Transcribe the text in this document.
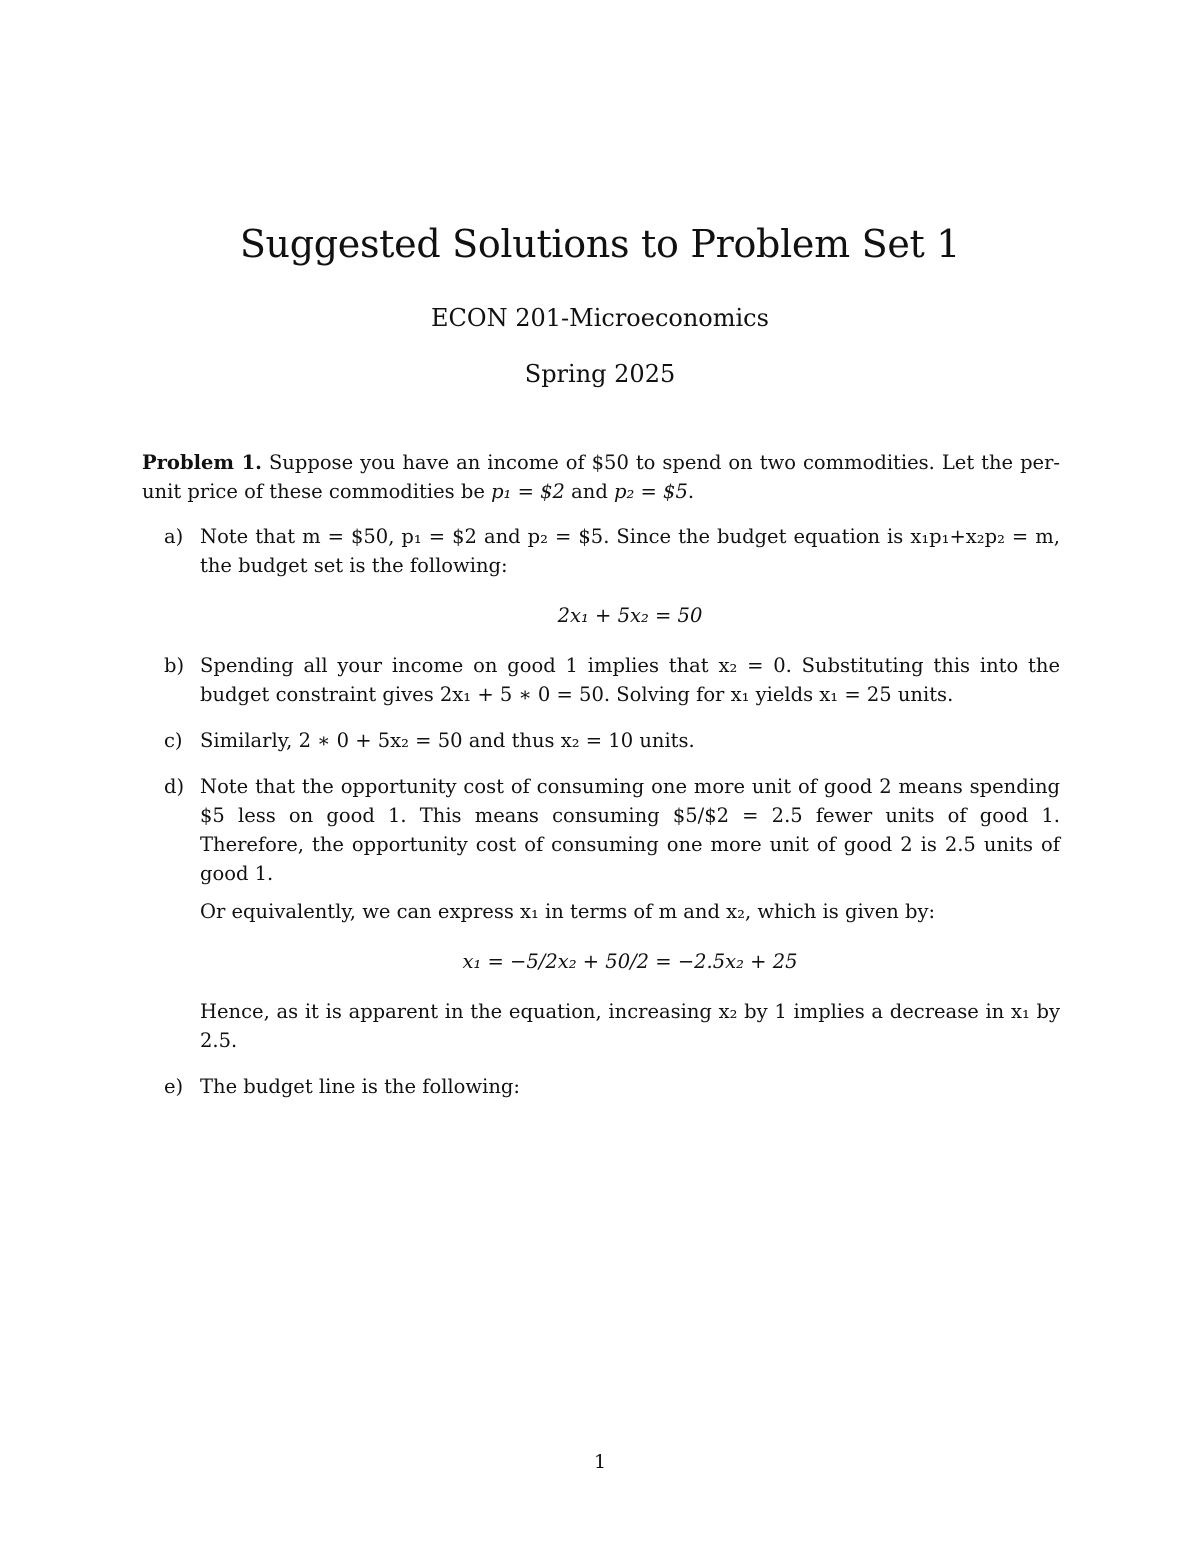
Suggested Solutions to Problem Set 1
ECON 201-Microeconomics
Spring 2025

Problem 1. Suppose you have an income of $50 to spend on two commodities. Let the per-unit price of these commodities be p₁ = $2 and p₂ = $5.

a) Note that m = $50, p₁ = $2 and p₂ = $5. Since the budget equation is x₁p₁+x₂p₂ = m, the budget set is the following:

2x₁ + 5x₂ = 50
b) Spending all your income on good 1 implies that x₂ = 0. Substituting this into the budget constraint gives 2x₁ + 5 ∗ 0 = 50. Solving for x₁ yields x₁ = 25 units.

c) Similarly, 2 ∗ 0 + 5x₂ = 50 and thus x₂ = 10 units.

d) Note that the opportunity cost of consuming one more unit of good 2 means spending $5 less on good 1. This means consuming $5/$2 = 2.5 fewer units of good 1. Therefore, the opportunity cost of consuming one more unit of good 2 is 2.5 units of good 1.

Or equivalently, we can express x₁ in terms of m and x₂, which is given by:

x₁ = −5/2x₂ + 50/2 = −2.5x₂ + 25

Hence, as it is apparent in the equation, increasing x₂ by 1 implies a decrease in x₁ by 2.5.

e) The budget line is the following:

1
